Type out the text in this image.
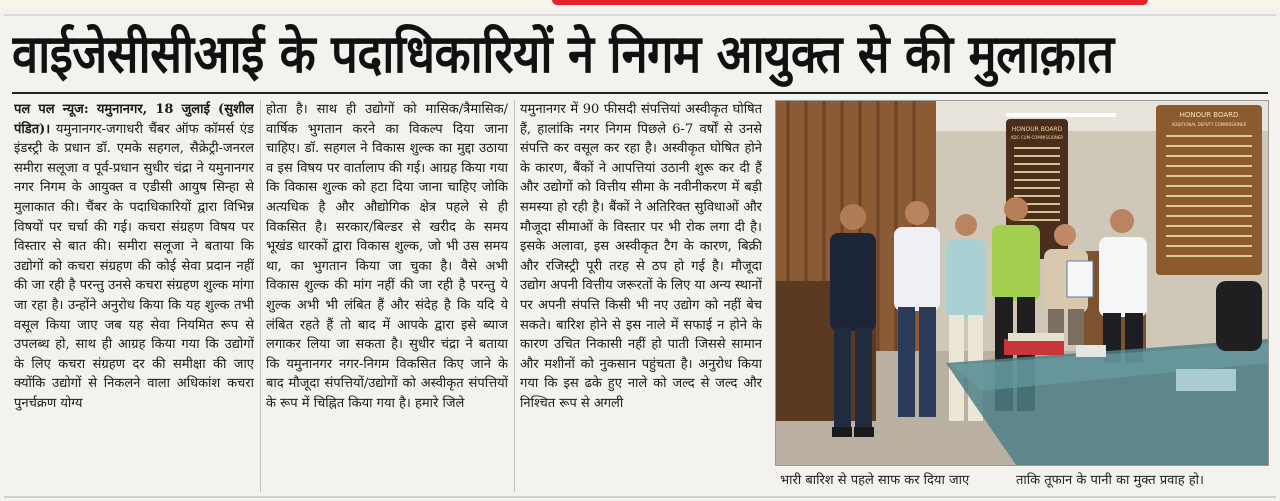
वाईजेसीसीआई के पदाधिकारियों ने निगम आयुक्त से की मुलाक़ात

पल पल न्यूज: यमुनानगर, 18 जुलाई (सुशील पंडित)। यमुनानगर-जगाधरी चैंबर ऑफ कॉमर्स एंड इंडस्ट्री के प्रधान डॉ. एमके सहगल, सैक्रेट्री-जनरल समीरा सलूजा व पूर्व-प्रधान सुधीर चंद्रा ने यमुनानगर नगर निगम के आयुक्त व एडीसी आयुष सिन्हा से मुलाकात की। चैंबर के पदाधिकारियों द्वारा विभिन्न विषयों पर चर्चा की गई। कचरा संग्रहण विषय पर विस्तार से बात की। समीरा सलूजा ने बताया कि उद्योगों को कचरा संग्रहण की कोई सेवा प्रदान नहीं की जा रही है परन्तु उनसे कचरा संग्रहण शुल्क मांगा जा रहा है। उन्होंने अनुरोध किया कि यह शुल्क तभी वसूल किया जाए जब यह सेवा नियमित रूप से उपलब्ध हो, साथ ही आग्रह किया गया कि उद्योगों के लिए कचरा संग्रहण दर की समीक्षा की जाए क्योंकि उद्योगों से निकलने वाला अधिकांश कचरा पुनर्चक्रण योग्य

होता है। साथ ही उद्योगों को मासिक/त्रैमासिक/वार्षिक भुगतान करने का विकल्प दिया जाना चाहिए। डॉ. सहगल ने विकास शुल्क का मुद्दा उठाया व इस विषय पर वार्तालाप की गई। आग्रह किया गया कि विकास शुल्क को हटा दिया जाना चाहिए जोकि अत्यधिक है और औद्योगिक क्षेत्र पहले से ही विकसित है। सरकार/बिल्डर से खरीद के समय भूखंड धारकों द्वारा विकास शुल्क, जो भी उस समय था, का भुगतान किया जा चुका है। वैसे अभी विकास शुल्क की मांग नहीं की जा रही है परन्तु ये शुल्क अभी भी लंबित हैं और संदेह है कि यदि ये लंबित रहते हैं तो बाद में आपके द्वारा इसे ब्याज लगाकर लिया जा सकता है। सुधीर चंद्रा ने बताया कि यमुनानगर नगर-निगम विकसित किए जाने के बाद मौजूदा संपत्तियों/उद्योगों को अस्वीकृत संपत्तियों के रूप में चिह्नित किया गया है। हमारे जिले

यमुनानगर में 90 फीसदी संपत्तियां अस्वीकृत घोषित हैं, हालांकि नगर निगम पिछले 6-7 वर्षों से उनसे संपत्ति कर वसूल कर रहा है। अस्वीकृत घोषित होने के कारण, बैंकों ने आपत्तियां उठानी शुरू कर दी हैं और उद्योगों को वित्तीय सीमा के नवीनीकरण में बड़ी समस्या हो रही है। बैंकों ने अतिरिक्त सुविधाओं और मौजूदा सीमाओं के विस्तार पर भी रोक लगा दी है। इसके अलावा, इस अस्वीकृत टैग के कारण, बिक्री और रजिस्ट्री पूरी तरह से ठप हो गई है। मौजूदा उद्योग अपनी वित्तीय जरूरतों के लिए या अन्य स्थानों पर अपनी संपत्ति किसी भी नए उद्योग को नहीं बेच सकते। बारिश होने से इस नाले में सफाई न होने के कारण उचित निकासी नहीं हो पाती जिससे सामान और मशीनों को नुकसान पहुंचता है। अनुरोध किया गया कि इस ढके हुए नाले को जल्द से जल्द और निश्चित रूप से अगली

HONOUR BOARD
ADC-CUM-COMMISSIONER
HONOUR BOARD
ADDITIONAL DEPUTY COMMISSIONER
भारी बारिश से पहले साफ कर दिया जाए	ताकि तूफान के पानी का मुक्त प्रवाह हो।
